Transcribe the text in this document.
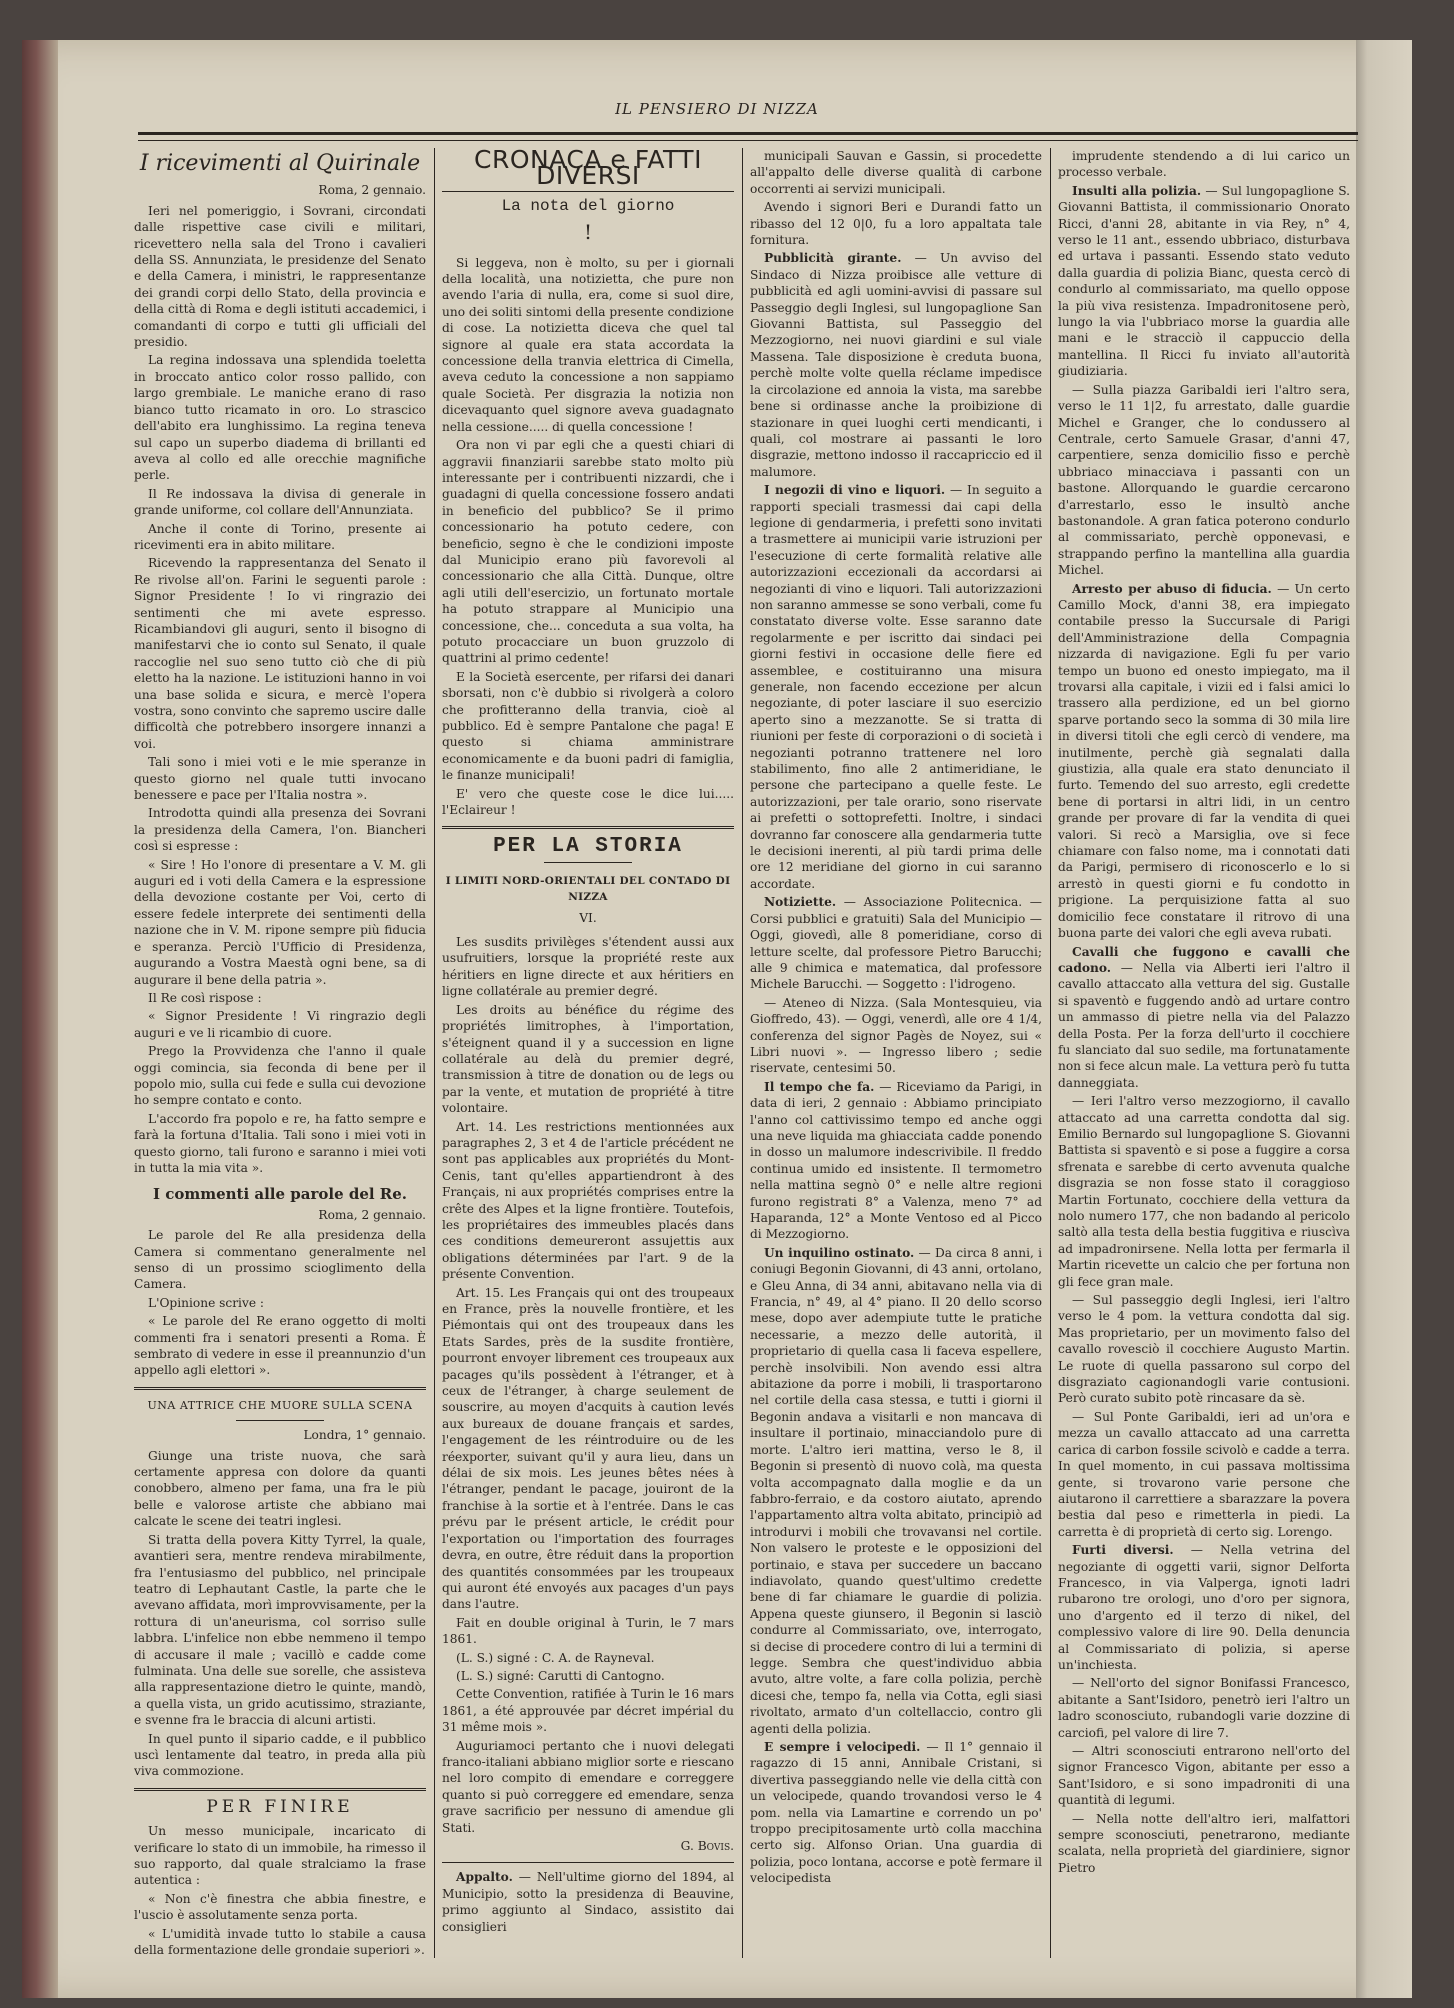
IL PENSIERO DI NIZZA
I ricevimenti al Quirinale
Roma, 2 gennaio.

Ieri nel pomeriggio, i Sovrani, circondati dalle rispettive case civili e militari, ricevettero nella sala del Trono i cavalieri della SS. Annunziata, le presidenze del Senato e della Camera, i ministri, le rappresentanze dei grandi corpi dello Stato, della provincia e della città di Roma e degli istituti accademici, i comandanti di corpo e tutti gli ufficiali del presidio.

La regina indossava una splendida toeletta in broccato antico color rosso pallido, con largo grembiale. Le maniche erano di raso bianco tutto ricamato in oro. Lo strascico dell'abito era lunghissimo. La regina teneva sul capo un superbo diadema di brillanti ed aveva al collo ed alle orecchie magnifiche perle.

Il Re indossava la divisa di generale in grande uniforme, col collare dell'Annunziata.

Anche il conte di Torino, presente ai ricevimenti era in abito militare.

Ricevendo la rappresentanza del Senato il Re rivolse all'on. Farini le seguenti parole : Signor Presidente ! Io vi ringrazio dei sentimenti che mi avete espresso. Ricambiandovi gli auguri, sento il bisogno di manifestarvi che io conto sul Senato, il quale raccoglie nel suo seno tutto ciò che di più eletto ha la nazione. Le istituzioni hanno in voi una base solida e sicura, e mercè l'opera vostra, sono convinto che sapremo uscire dalle difficoltà che potrebbero insorgere innanzi a voi.

Tali sono i miei voti e le mie speranze in questo giorno nel quale tutti invocano benessere e pace per l'Italia nostra ».

Introdotta quindi alla presenza dei Sovrani la presidenza della Camera, l'on. Biancheri così si espresse :

« Sire ! Ho l'onore di presentare a V. M. gli auguri ed i voti della Camera e la espressione della devozione costante per Voi, certo di essere fedele interprete dei sentimenti della nazione che in V. M. ripone sempre più fiducia e speranza. Perciò l'Ufficio di Presidenza, augurando a Vostra Maestà ogni bene, sa di augurare il bene della patria ».

Il Re così rispose :

« Signor Presidente ! Vi ringrazio degli auguri e ve li ricambio di cuore.

Prego la Provvidenza che l'anno il quale oggi comincia, sia feconda di bene per il popolo mio, sulla cui fede e sulla cui devozione ho sempre contato e conto.

L'accordo fra popolo e re, ha fatto sempre e farà la fortuna d'Italia. Tali sono i miei voti in questo giorno, tali furono e saranno i miei voti in tutta la mia vita ».

I commenti alle parole del Re.
Roma, 2 gennaio.

Le parole del Re alla presidenza della Camera si commentano generalmente nel senso di un prossimo scioglimento della Camera.

L'Opinione scrive :

« Le parole del Re erano oggetto di molti commenti fra i senatori presenti a Roma. È sembrato di vedere in esse il preannunzio d'un appello agli elettori ».

UNA ATTRICE CHE MUORE SULLA SCENA
Londra, 1° gennaio.

Giunge una triste nuova, che sarà certamente appresa con dolore da quanti conobbero, almeno per fama, una fra le più belle e valorose artiste che abbiano mai calcate le scene dei teatri inglesi.

Si tratta della povera Kitty Tyrrel, la quale, avantieri sera, mentre rendeva mirabilmente, fra l'entusiasmo del pubblico, nel principale teatro di Lephautant Castle, la parte che le avevano affidata, morì improvvisamente, per la rottura di un'aneurisma, col sorriso sulle labbra. L'infelice non ebbe nemmeno il tempo di accusare il male ; vacillò e cadde come fulminata. Una delle sue sorelle, che assisteva alla rappresentazione dietro le quinte, mandò, a quella vista, un grido acutissimo, straziante, e svenne fra le braccia di alcuni artisti.

In quel punto il sipario cadde, e il pubblico uscì lentamente dal teatro, in preda alla più viva commozione.

PER FINIRE

Un messo municipale, incaricato di verificare lo stato di un immobile, ha rimesso il suo rapporto, dal quale stralciamo la frase autentica :

« Non c'è finestra che abbia finestre, e l'uscio è assolutamente senza porta.

« L'umidità invade tutto lo stabile a causa della formentazione delle grondaie superiori ».

CRONACA e FATTI DIVERSI
La nota del giorno
!

Si leggeva, non è molto, su per i giornali della località, una notizietta, che pure non avendo l'aria di nulla, era, come si suol dire, uno dei soliti sintomi della presente condizione di cose. La notizietta diceva che quel tal signore al quale era stata accordata la concessione della tranvia elettrica di Cimella, aveva ceduto la concessione a non sappiamo quale Società. Per disgrazia la notizia non dicevaquanto quel signore aveva guadagnato nella cessione..... di quella concessione !

Ora non vi par egli che a questi chiari di aggravii finanziarii sarebbe stato molto più interessante per i contribuenti nizzardi, che i guadagni di quella concessione fossero andati in beneficio del pubblico? Se il primo concessionario ha potuto cedere, con beneficio, segno è che le condizioni imposte dal Municipio erano più favorevoli al concessionario che alla Città. Dunque, oltre agli utili dell'esercizio, un fortunato mortale ha potuto strappare al Municipio una concessione, che... conceduta a sua volta, ha potuto procacciare un buon gruzzolo di quattrini al primo cedente!

E la Società esercente, per rifarsi dei danari sborsati, non c'è dubbio si rivolgerà a coloro che profitteranno della tranvia, cioè al pubblico. Ed è sempre Pantalone che paga! E questo si chiama amministrare economicamente e da buoni padri di famiglia, le finanze municipali!

E' vero che queste cose le dice lui..... l'Eclaireur !

PER LA STORIA
I LIMITI NORD-ORIENTALI DEL CONTADO DI NIZZA
VI.

Les susdits privilèges s'étendent aussi aux usufruitiers, lorsque la propriété reste aux héritiers en ligne directe et aux héritiers en ligne collatérale au premier degré.

Les droits au bénéfice du régime des propriétés limitrophes, à l'importation, s'éteignent quand il y a succession en ligne collatérale au delà du premier degré, transmission à titre de donation ou de legs ou par la vente, et mutation de propriété à titre volontaire.

Art. 14. Les restrictions mentionnées aux paragraphes 2, 3 et 4 de l'article précédent ne sont pas applicables aux propriétés du Mont-Cenis, tant qu'elles appartiendront à des Français, ni aux propriétés comprises entre la crête des Alpes et la ligne frontière. Toutefois, les propriétaires des immeubles placés dans ces conditions demeureront assujettis aux obligations déterminées par l'art. 9 de la présente Convention.

Art. 15. Les Français qui ont des troupeaux en France, près la nouvelle frontière, et les Piémontais qui ont des troupeaux dans les Etats Sardes, près de la susdite frontière, pourront envoyer librement ces troupeaux aux pacages qu'ils possèdent à l'étranger, et à ceux de l'étranger, à charge seulement de souscrire, au moyen d'acquits à caution levés aux bureaux de douane français et sardes, l'engagement de les réintroduire ou de les réexporter, suivant qu'il y aura lieu, dans un délai de six mois. Les jeunes bêtes nées à l'étranger, pendant le pacage, jouiront de la franchise à la sortie et à l'entrée. Dans le cas prévu par le présent article, le crédit pour l'exportation ou l'importation des fourrages devra, en outre, être réduit dans la proportion des quantités consommées par les troupeaux qui auront été envoyés aux pacages d'un pays dans l'autre.

Fait en double original à Turin, le 7 mars 1861.

(L. S.) signé : C. A. de Rayneval.

(L. S.) signé: Carutti di Cantogno.

Cette Convention, ratifiée à Turin le 16 mars 1861, a été approuvée par décret impérial du 31 même mois ».

Auguriamoci pertanto che i nuovi delegati franco-italiani abbiano miglior sorte e riescano nel loro compito di emendare e correggere quanto si può correggere ed emendare, senza grave sacrificio per nessuno di amendue gli Stati.

G. Bovis.

Appalto. — Nell'ultime giorno del 1894, al Municipio, sotto la presidenza di Beauvine, primo aggiunto al Sindaco, assistito dai consiglieri

municipali Sauvan e Gassin, si procedette all'appalto delle diverse qualità di carbone occorrenti ai servizi municipali.

Avendo i signori Beri e Durandi fatto un ribasso del 12 0|0, fu a loro appaltata tale fornitura.

Pubblicità girante. — Un avviso del Sindaco di Nizza proibisce alle vetture di pubblicità ed agli uomini-avvisi di passare sul Passeggio degli Inglesi, sul lungopaglione San Giovanni Battista, sul Passeggio del Mezzogiorno, nei nuovi giardini e sul viale Massena. Tale disposizione è creduta buona, perchè molte volte quella réclame impedisce la circolazione ed annoia la vista, ma sarebbe bene si ordinasse anche la proibizione di stazionare in quei luoghi certi mendicanti, i quali, col mostrare ai passanti le loro disgrazie, mettono indosso il raccapriccio ed il malumore.

I negozii di vino e liquori. — In seguito a rapporti speciali trasmessi dai capi della legione di gendarmeria, i prefetti sono invitati a trasmettere ai municipii varie istruzioni per l'esecuzione di certe formalità relative alle autorizzazioni eccezionali da accordarsi ai negozianti di vino e liquori. Tali autorizzazioni non saranno ammesse se sono verbali, come fu constatato diverse volte. Esse saranno date regolarmente e per iscritto dai sindaci pei giorni festivi in occasione delle fiere ed assemblee, e costituiranno una misura generale, non facendo eccezione per alcun negoziante, di poter lasciare il suo esercizio aperto sino a mezzanotte. Se si tratta di riunioni per feste di corporazioni o di società i negozianti potranno trattenere nel loro stabilimento, fino alle 2 antimeridiane, le persone che partecipano a quelle feste. Le autorizzazioni, per tale orario, sono riservate ai prefetti o sottoprefetti. Inoltre, i sindaci dovranno far conoscere alla gendarmeria tutte le decisioni inerenti, al più tardi prima delle ore 12 meridiane del giorno in cui saranno accordate.

Notiziette. — Associazione Politecnica. — Corsi pubblici e gratuiti) Sala del Municipio — Oggi, giovedì, alle 8 pomeridiane, corso di letture scelte, dal professore Pietro Barucchi; alle 9 chimica e matematica, dal professore Michele Barucchi. — Soggetto : l'idrogeno.

— Ateneo di Nizza. (Sala Montesquieu, via Gioffredo, 43). — Oggi, venerdì, alle ore 4 1/4, conferenza del signor Pagès de Noyez, sui « Libri nuovi ». — Ingresso libero ; sedie riservate, centesimi 50.

Il tempo che fa. — Riceviamo da Parigi, in data di ieri, 2 gennaio : Abbiamo principiato l'anno col cattivissimo tempo ed anche oggi una neve liquida ma ghiacciata cadde ponendo in dosso un malumore indescrivibile. Il freddo continua umido ed insistente. Il termometro nella mattina segnò 0° e nelle altre regioni furono registrati 8° a Valenza, meno 7° ad Haparanda, 12° a Monte Ventoso ed al Picco di Mezzogiorno.

Un inquilino ostinato. — Da circa 8 anni, i coniugi Begonin Giovanni, di 43 anni, ortolano, e Gleu Anna, di 34 anni, abitavano nella via di Francia, n° 49, al 4° piano. Il 20 dello scorso mese, dopo aver adempiute tutte le pratiche necessarie, a mezzo delle autorità, il proprietario di quella casa li faceva espellere, perchè insolvibili. Non avendo essi altra abitazione da porre i mobili, li trasportarono nel cortile della casa stessa, e tutti i giorni il Begonin andava a visitarli e non mancava di insultare il portinaio, minacciandolo pure di morte. L'altro ieri mattina, verso le 8, il Begonin si presentò di nuovo colà, ma questa volta accompagnato dalla moglie e da un fabbro-ferraio, e da costoro aiutato, aprendo l'appartamento altra volta abitato, principiò ad introdurvi i mobili che trovavansi nel cortile. Non valsero le proteste e le opposizioni del portinaio, e stava per succedere un baccano indiavolato, quando quest'ultimo credette bene di far chiamare le guardie di polizia. Appena queste giunsero, il Begonin si lasciò condurre al Commissariato, ove, interrogato, si decise di procedere contro di lui a termini di legge. Sembra che quest'individuo abbia avuto, altre volte, a fare colla polizia, perchè dicesi che, tempo fa, nella via Cotta, egli siasi rivoltato, armato d'un coltellaccio, contro gli agenti della polizia.

E sempre i velocipedi. — Il 1° gennaio il ragazzo di 15 anni, Annibale Cristani, si divertiva passeggiando nelle vie della città con un velocipede, quando trovandosi verso le 4 pom. nella via Lamartine e correndo un po' troppo precipitosamente urtò colla macchina certo sig. Alfonso Orian. Una guardia di polizia, poco lontana, accorse e potè fermare il velocipedista

imprudente stendendo a di lui carico un processo verbale.

Insulti alla polizia. — Sul lungopaglione S. Giovanni Battista, il commissionario Onorato Ricci, d'anni 28, abitante in via Rey, n° 4, verso le 11 ant., essendo ubbriaco, disturbava ed urtava i passanti. Essendo stato veduto dalla guardia di polizia Bianc, questa cercò di condurlo al commissariato, ma quello oppose la più viva resistenza. Impadronitosene però, lungo la via l'ubbriaco morse la guardia alle mani e le stracciò il cappuccio della mantellina. Il Ricci fu inviato all'autorità giudiziaria.

— Sulla piazza Garibaldi ieri l'altro sera, verso le 11 1|2, fu arrestato, dalle guardie Michel e Granger, che lo condussero al Centrale, certo Samuele Grasar, d'anni 47, carpentiere, senza domicilio fisso e perchè ubbriaco minacciava i passanti con un bastone. Allorquando le guardie cercarono d'arrestarlo, esso le insultò anche bastonandole. A gran fatica poterono condurlo al commissariato, perchè opponevasi, e strappando perfino la mantellina alla guardia Michel.

Arresto per abuso di fiducia. — Un certo Camillo Mock, d'anni 38, era impiegato contabile presso la Succursale di Parigi dell'Amministrazione della Compagnia nizzarda di navigazione. Egli fu per vario tempo un buono ed onesto impiegato, ma il trovarsi alla capitale, i vizii ed i falsi amici lo trassero alla perdizione, ed un bel giorno sparve portando seco la somma di 30 mila lire in diversi titoli che egli cercò di vendere, ma inutilmente, perchè già segnalati dalla giustizia, alla quale era stato denunciato il furto. Temendo del suo arresto, egli credette bene di portarsi in altri lidi, in un centro grande per provare di far la vendita di quei valori. Si recò a Marsiglia, ove si fece chiamare con falso nome, ma i connotati dati da Parigi, permisero di riconoscerlo e lo si arrestò in questi giorni e fu condotto in prigione. La perquisizione fatta al suo domicilio fece constatare il ritrovo di una buona parte dei valori che egli aveva rubati.

Cavalli che fuggono e cavalli che cadono. — Nella via Alberti ieri l'altro il cavallo attaccato alla vettura del sig. Gustalle si spaventò e fuggendo andò ad urtare contro un ammasso di pietre nella via del Palazzo della Posta. Per la forza dell'urto il cocchiere fu slanciato dal suo sedile, ma fortunatamente non si fece alcun male. La vettura però fu tutta danneggiata.

— Ieri l'altro verso mezzogiorno, il cavallo attaccato ad una carretta condotta dal sig. Emilio Bernardo sul lungopaglione S. Giovanni Battista si spaventò e si pose a fuggire a corsa sfrenata e sarebbe di certo avvenuta qualche disgrazia se non fosse stato il coraggioso Martin Fortunato, cocchiere della vettura da nolo numero 177, che non badando al pericolo saltò alla testa della bestia fuggitiva e riuscìva ad impadronirsene. Nella lotta per fermarla il Martin ricevette un calcio che per fortuna non gli fece gran male.

— Sul passeggio degli Inglesi, ieri l'altro verso le 4 pom. la vettura condotta dal sig. Mas proprietario, per un movimento falso del cavallo rovesciò il cocchiere Augusto Martin. Le ruote di quella passarono sul corpo del disgraziato cagionandogli varie contusioni. Però curato subito potè rincasare da sè.

— Sul Ponte Garibaldi, ieri ad un'ora e mezza un cavallo attaccato ad una carretta carica di carbon fossile scivolò e cadde a terra. In quel momento, in cui passava moltissima gente, si trovarono varie persone che aiutarono il carrettiere a sbarazzare la povera bestia dal peso e rimetterla in piedi. La carretta è di proprietà di certo sig. Lorengo.

Furti diversi. — Nella vetrina del negoziante di oggetti varii, signor Delforta Francesco, in via Valperga, ignoti ladri rubarono tre orologi, uno d'oro per signora, uno d'argento ed il terzo di nikel, del complessivo valore di lire 90. Della denuncia al Commissariato di polizia, si aperse un'inchiesta.

— Nell'orto del signor Bonifassi Francesco, abitante a Sant'Isidoro, penetrò ieri l'altro un ladro sconosciuto, rubandogli varie dozzine di carciofi, pel valore di lire 7.

— Altri sconosciuti entrarono nell'orto del signor Francesco Vigon, abitante per esso a Sant'Isidoro, e si sono impadroniti di una quantità di legumi.

— Nella notte dell'altro ieri, malfattori sempre sconosciuti, penetrarono, mediante scalata, nella proprietà del giardiniere, signor Pietro
